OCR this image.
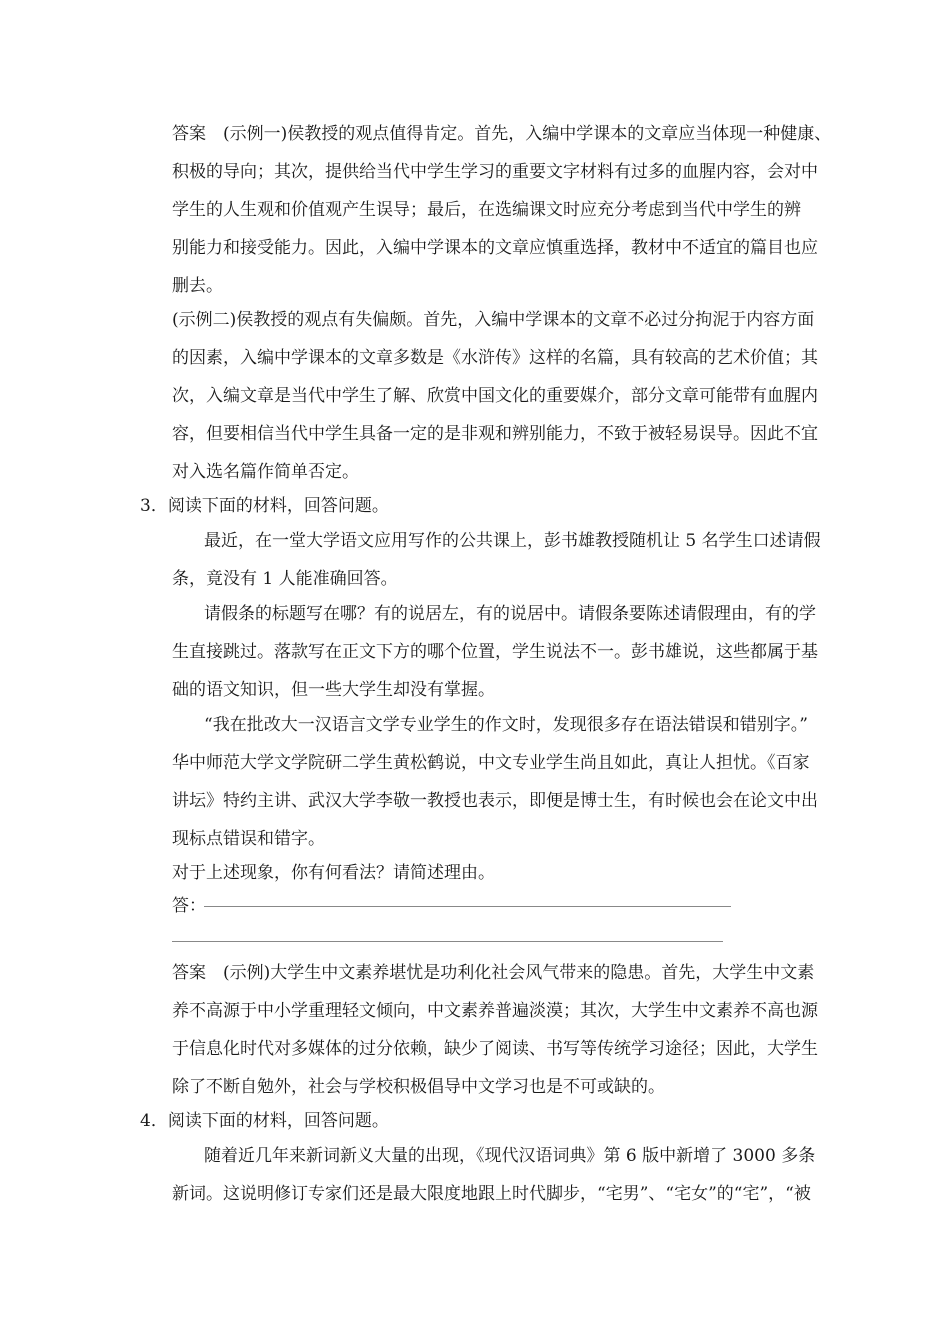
答案　(示例一)侯教授的观点值得肯定。首先，入编中学课本的文章应当体现一种健康、
积极的导向；其次，提供给当代中学生学习的重要文字材料有过多的血腥内容，会对中
学生的人生观和价值观产生误导；最后，在选编课文时应充分考虑到当代中学生的辨
别能力和接受能力。因此，入编中学课本的文章应慎重选择，教材中不适宜的篇目也应
删去。
(示例二)侯教授的观点有失偏颇。首先，入编中学课本的文章不必过分拘泥于内容方面
的因素，入编中学课本的文章多数是《水浒传》这样的名篇，具有较高的艺术价值；其
次，入编文章是当代中学生了解、欣赏中国文化的重要媒介，部分文章可能带有血腥内
容，但要相信当代中学生具备一定的是非观和辨别能力，不致于被轻易误导。因此不宜
对入选名篇作简单否定。
3．阅读下面的材料，回答问题。
最近，在一堂大学语文应用写作的公共课上，彭书雄教授随机让 5 名学生口述请假
条，竟没有 1 人能准确回答。
请假条的标题写在哪？有的说居左，有的说居中。请假条要陈述请假理由，有的学
生直接跳过。落款写在正文下方的哪个位置，学生说法不一。彭书雄说，这些都属于基
础的语文知识，但一些大学生却没有掌握。
“我在批改大一汉语言文学专业学生的作文时，发现很多存在语法错误和错别字。”
华中师范大学文学院研二学生黄松鹤说，中文专业学生尚且如此，真让人担忧。《百家
讲坛》特约主讲、武汉大学李敬一教授也表示，即便是博士生，有时候也会在论文中出
现标点错误和错字。
对于上述现象，你有何看法？请简述理由。
答：
答案　(示例)大学生中文素养堪忧是功利化社会风气带来的隐患。首先，大学生中文素
养不高源于中小学重理轻文倾向，中文素养普遍淡漠；其次，大学生中文素养不高也源
于信息化时代对多媒体的过分依赖，缺少了阅读、书写等传统学习途径；因此，大学生
除了不断自勉外，社会与学校积极倡导中文学习也是不可或缺的。
4．阅读下面的材料，回答问题。
随着近几年来新词新义大量的出现，《现代汉语词典》第 6 版中新增了 3000 多条
新词。这说明修订专家们还是最大限度地跟上时代脚步，“宅男”、“宅女”的“宅”，“被
